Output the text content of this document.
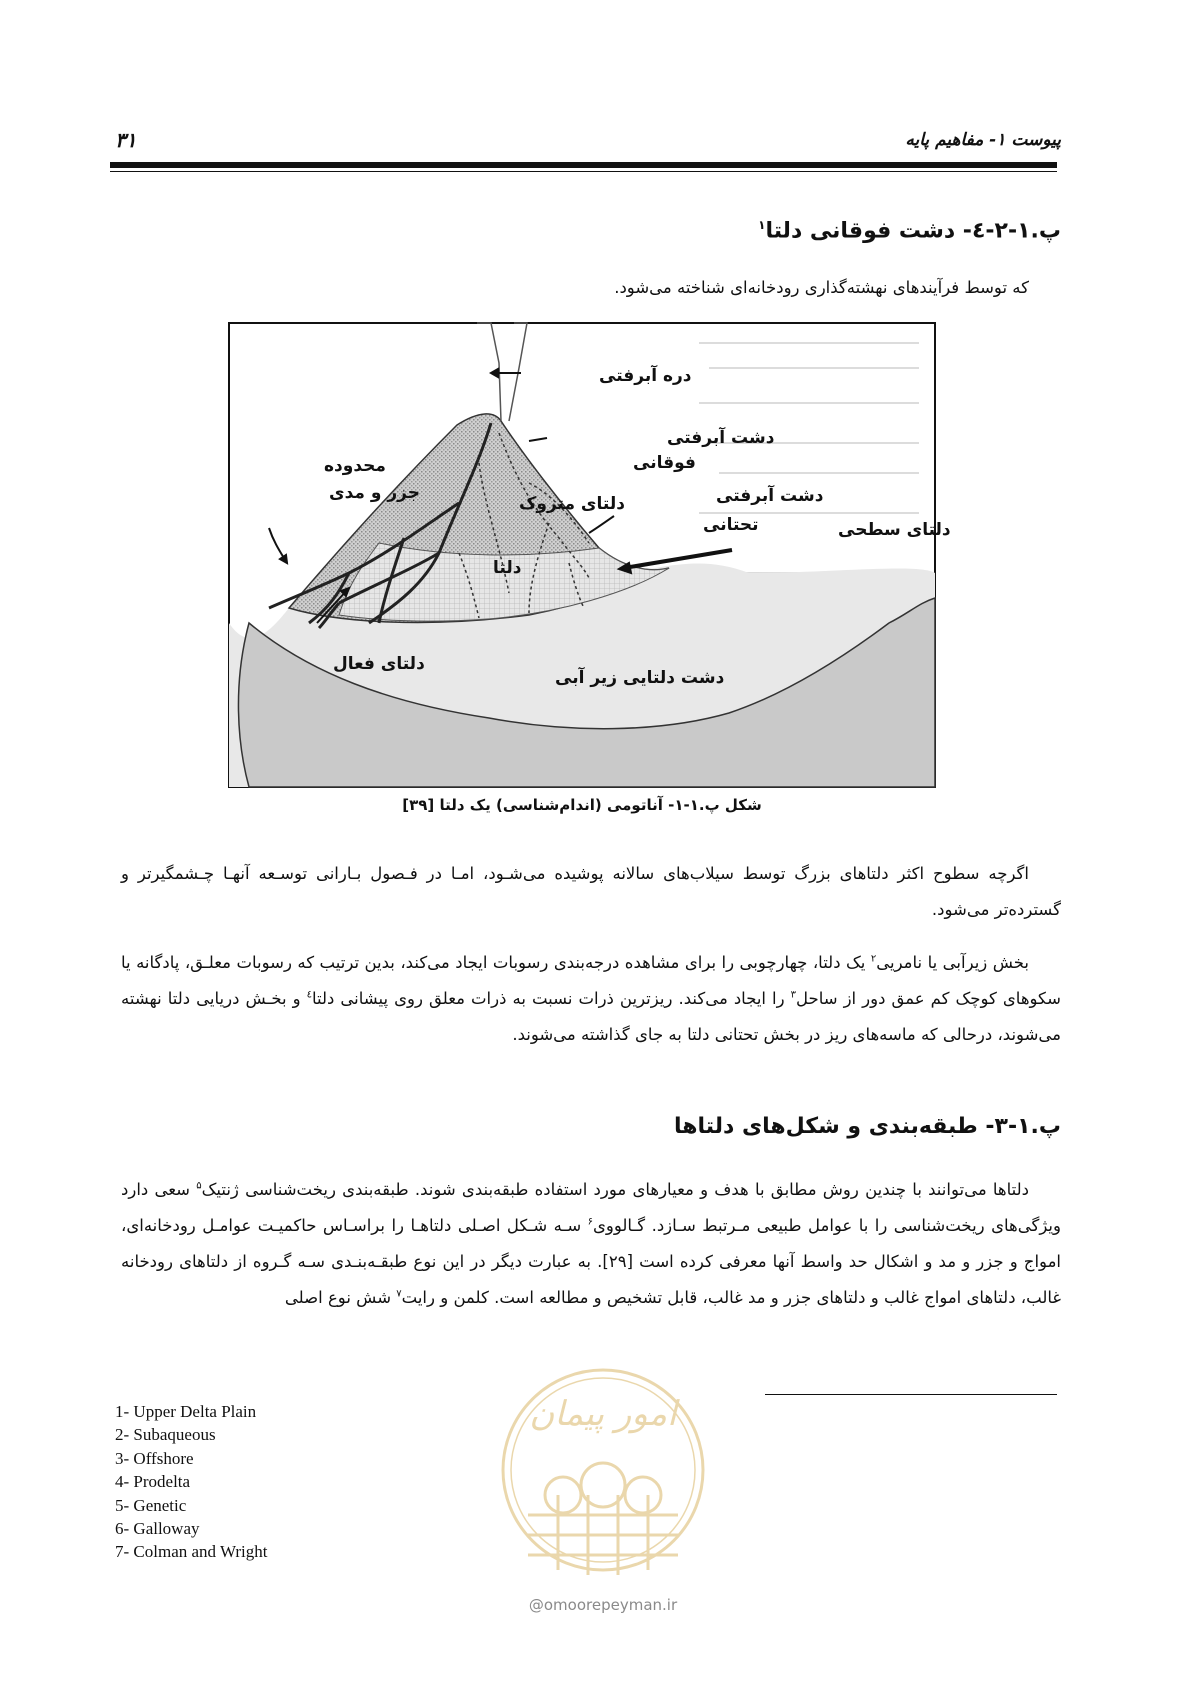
پیوست ۱- مفاهیم پایه
۳۱
پ.۱-۲-٤- دشت فوقانی دلتا$^۱$
که توسط فرآیندهای نهشته‌گذاری رودخانه‌ای شناخته می‌شود.
دره آبرفتی
دشت آبرفتی
فوقانی
محدوده
جزر و مدی
دلتای متروک	دشت آبرفتی
تحتانی	دلتای سطحی
دلتا
دلتای فعال
دشت دلتایی زیر آبی
شکل پ.۱-۱- آناتومی (اندام‌شناسی) یک دلتا [۳۹]
اگرچه سطوح اکثر دلتاهای بزرگ توسط سیلاب‌های سالانه پوشیده می‌شـود، امـا در فـصول بـارانی توسـعه آنهـا چـشمگیرتر و گسترده‌تر می‌شود.
بخش زیرآبی یا نامریی$^۲$ یک دلتا، چهارچوبی را برای مشاهده درجه‌بندی رسوبات ایجاد می‌کند، بدین ترتیب که رسوبات معلـق، پادگانه یا سکوهای کوچک کم عمق دور از ساحل$^۳$ را ایجاد می‌کند. ریزترین ذرات نسبت به ذرات معلق روی پیشانی دلتا$^٤$ و بخـش دریایی دلتا نهشته می‌شوند، درحالی که ماسه‌های ریز در بخش تحتانی دلتا به جای گذاشته می‌شوند.
پ.۱-۳- طبقه‌بندی و شکل‌های دلتاها
دلتاها می‌توانند با چندین روش مطابق با هدف و معیارهای مورد استفاده طبقه‌بندی شوند. طبقه‌بندی ریخت‌شناسی ژنتیک$^۵$ سعی دارد ویژگی‌های ریخت‌شناسی را با عوامل طبیعی مـرتبط سـازد. گـالووی$^۶$ سـه شـکل اصـلی دلتاهـا را براسـاس حاکمیـت عوامـل رودخانه‌ای، امواج و جزر و مد و اشکال حد واسط آنها معرفی کرده است [۲۹]. به عبارت دیگر در این نوع طبقـه‌بنـدی سـه گـروه از دلتاهای رودخانه غالب، دلتاهای امواج غالب و دلتاهای جزر و مد غالب، قابل تشخیص و مطالعه است. کلمن و رایت$^۷$ شش نوع اصلی
1- Upper Delta Plain
2- Subaqueous
3- Offshore
4- Prodelta
5- Genetic
6- Galloway
7- Colman and Wright
امور پیمان
@omoorepeyman.ir
